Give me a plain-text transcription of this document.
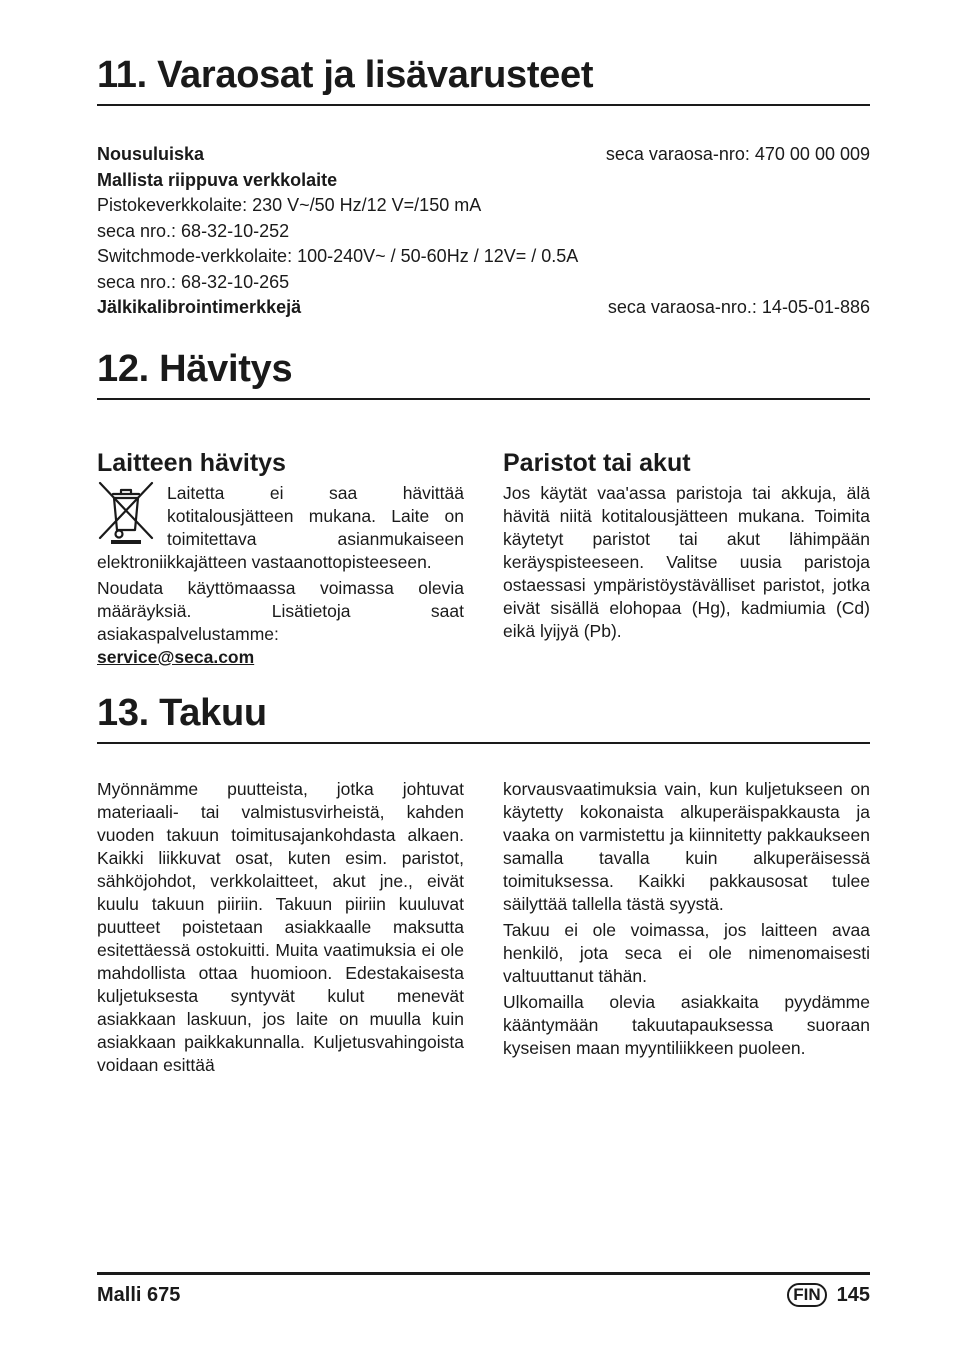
11. Varaosat ja lisävarusteet
Nousuluiska	seca varaosa-nro: 470 00 00 009
Mallista riippuva verkkolaite
Pistokeverkkolaite: 230 V~/50 Hz/12 V=/150 mA
seca nro.: 68-32-10-252
Switchmode-verkkolaite: 100-240V~ / 50-60Hz / 12V= / 0.5A
seca nro.: 68-32-10-265
Jälkikalibrointimerkkejä	seca varaosa-nro.: 14-05-01-886
12. Hävitys
Laitteen hävitys

Laitetta ei saa hävittää kotitalousjätteen mukana. Laite on toimitettava asianmukaiseen elektroniikkajätteen vastaanottopisteeseen.

Noudata käyttömaassa voimassa olevia määräyksiä. Lisätietoja saat asiakaspalvelustamme:

service@seca.com
Paristot tai akut

Jos käytät vaa'assa paristoja tai akkuja, älä hävitä niitä kotitalousjätteen mukana. Toimita käytetyt paristot tai akut lähimpään keräyspisteeseen. Valitse uusia paristoja ostaessasi ympäristöystävälliset paristot, jotka eivät sisällä elohopaa (Hg), kadmiumia (Cd) eikä lyijyä (Pb).

13. Takuu

Myönnämme puutteista, jotka johtuvat materiaali- tai valmistusvirheistä, kahden vuoden takuun toimitusajankohdasta alkaen. Kaikki liikkuvat osat, kuten esim. paristot, sähköjohdot, verkkolaitteet, akut jne., eivät kuulu takuun piiriin. Takuun piiriin kuuluvat puutteet poistetaan asiakkaalle maksutta esitettäessä ostokuitti. Muita vaatimuksia ei ole mahdollista ottaa huomioon. Edestakaisesta kuljetuksesta syntyvät kulut menevät asiakkaan laskuun, jos laite on muulla kuin asiakkaan paikkakunnalla. Kuljetusvahingoista voidaan esittää

korvausvaatimuksia vain, kun kuljetukseen on käytetty kokonaista alkuperäispakkausta ja vaaka on varmistettu ja kiinnitetty pakkaukseen samalla tavalla kuin alkuperäisessä toimituksessa. Kaikki pakkausosat tulee säilyttää tallella tästä syystä.

Takuu ei ole voimassa, jos laitteen avaa henkilö, jota seca ei ole nimenomaisesti valtuuttanut tähän.

Ulkomailla olevia asiakkaita pyydämme kääntymään takuutapauksessa suoraan kyseisen maan myyntiliikkeen puoleen.

Malli 675	FIN 145
